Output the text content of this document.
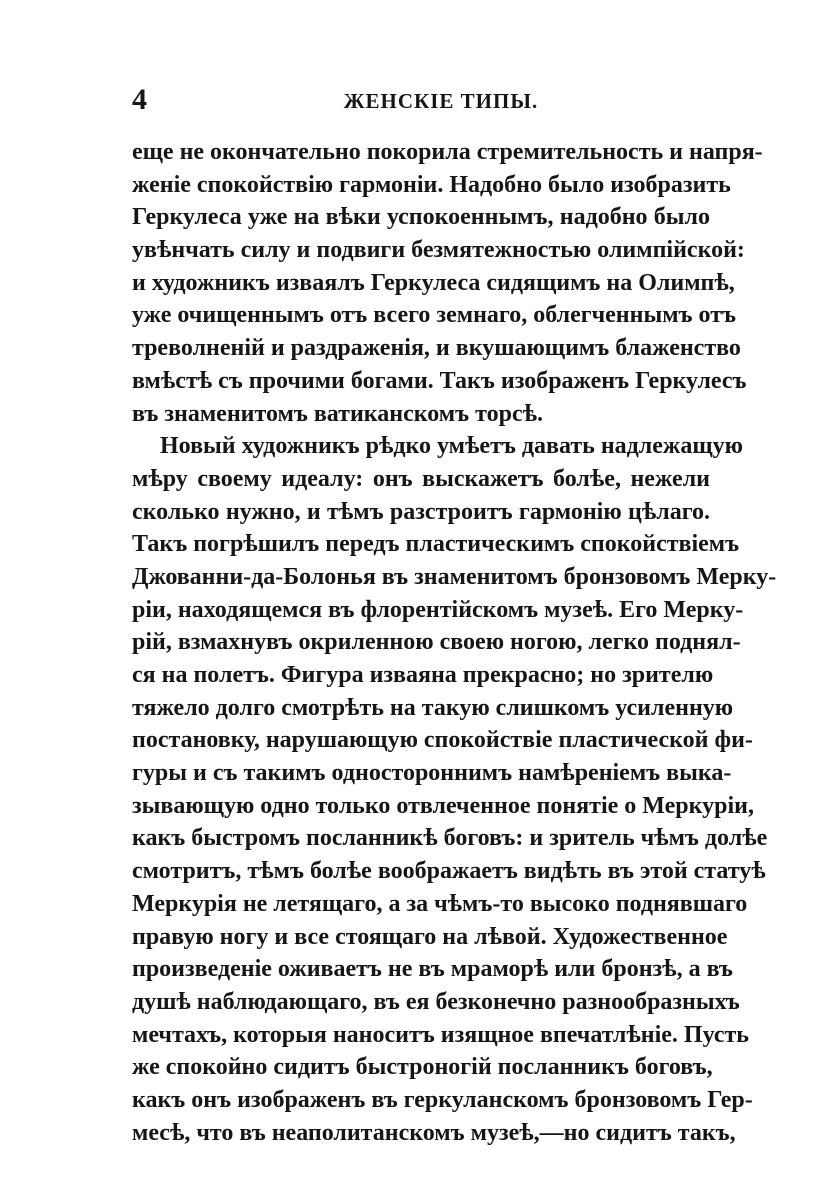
4	ЖЕНСКІЕ ТИПЫ.
еще не окончательно покорила стремительность и напря-
женіе спокойствію гармоніи. Надобно было изобразить
Геркулеса уже на вѣки успокоеннымъ, надобно было
увѣнчать силу и подвиги безмятежностью олимпійской:
и художникъ изваялъ Геркулеса сидящимъ на Олимпѣ,
уже очищеннымъ отъ всего земнаго, облегченнымъ отъ
треволненій и раздраженія, и вкушающимъ блаженство
вмѣстѣ съ прочими богами. Такъ изображенъ Геркулесъ
въ знаменитомъ ватиканскомъ торсѣ.
Новый художникъ рѣдко умѣетъ давать надлежащую
мѣру своему идеалу: онъ выскажетъ болѣе, нежели
сколько нужно, и тѣмъ разстроитъ гармонію цѣлаго.
Такъ погрѣшилъ передъ пластическимъ спокойствіемъ
Джованни-да-Болонья въ знаменитомъ бронзовомъ Мерку-
ріи, находящемся въ флорентійскомъ музеѣ. Его Мерку-
рій, взмахнувъ окриленною своею ногою, легко поднял-
ся на полетъ. Фигура изваяна прекрасно; но зрителю
тяжело долго смотрѣть на такую слишкомъ усиленную
постановку, нарушающую спокойствіе пластической фи-
гуры и съ такимъ одностороннимъ намѣреніемъ выка-
зывающую одно только отвлеченное понятіе о Меркуріи,
какъ быстромъ посланникѣ боговъ: и зритель чѣмъ долѣе
смотритъ, тѣмъ болѣе воображаетъ видѣть въ этой статуѣ
Меркурія не летящаго, а за чѣмъ-то высоко поднявшаго
правую ногу и все стоящаго на лѣвой. Художественное
произведеніе оживаетъ не въ мраморѣ или бронзѣ, а въ
душѣ наблюдающаго, въ ея безконечно разнообразныхъ
мечтахъ, которыя наноситъ изящное впечатлѣніе. Пусть
же спокойно сидитъ быстроногій посланникъ боговъ,
какъ онъ изображенъ въ геркуланскомъ бронзовомъ Гер-
месѣ, что въ неаполитанскомъ музеѣ,—но сидитъ такъ,
